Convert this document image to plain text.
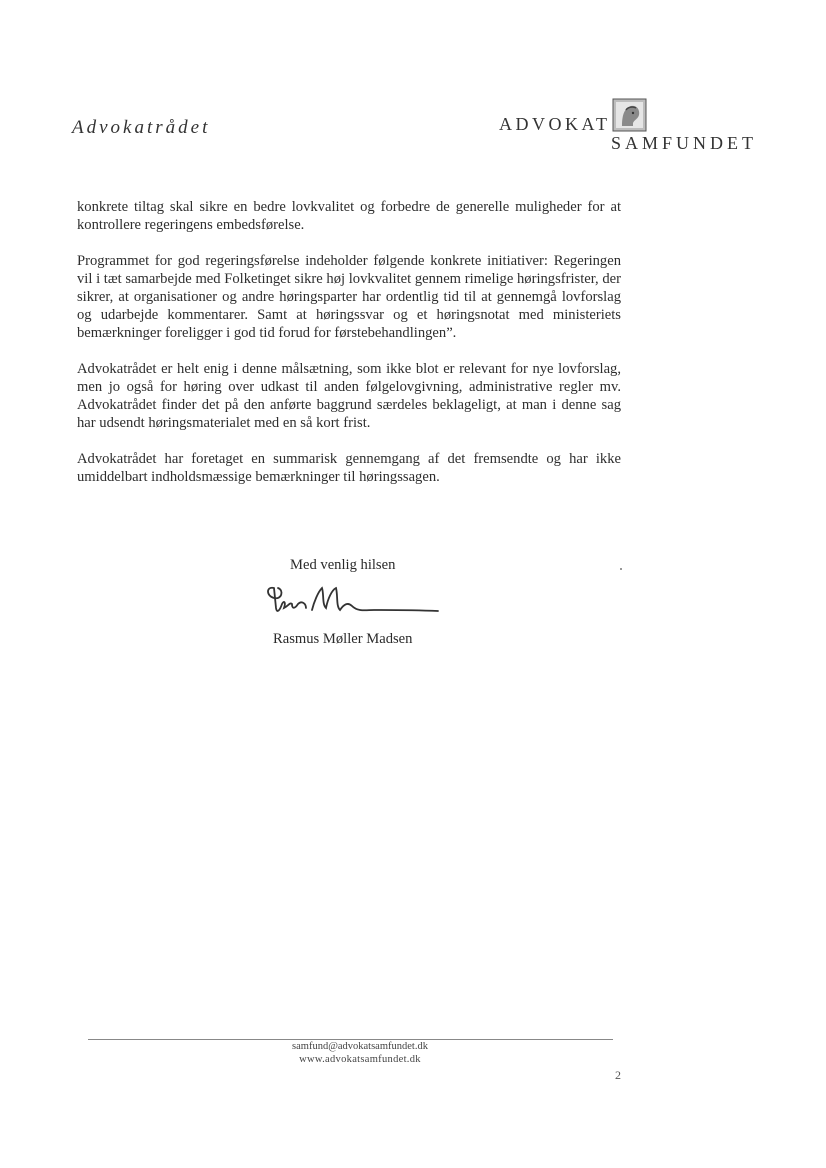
Advokatrådet	ADVOKAT
SAMFUNDET

konkrete tiltag skal sikre en bedre lovkvalitet og forbedre de generelle muligheder for at kontrollere regeringens embedsførelse.

Programmet for god regeringsførelse indeholder følgende konkrete initiativer: Regeringen vil i tæt samarbejde med Folketinget sikre høj lovkvalitet gennem rimelige høringsfrister, der sikrer, at organisationer og andre høringsparter har ordentlig tid til at gennemgå lovforslag og udarbejde kommentarer. Samt at høringssvar og et høringsnotat med ministeriets bemærkninger foreligger i god tid forud for førstebehandlingen”.

Advokatrådet er helt enig i denne målsætning, som ikke blot er relevant for nye lovforslag, men jo også for høring over udkast til anden følgelovgivning, administrative regler mv. Advokatrådet finder det på den anførte baggrund særdeles beklageligt, at man i denne sag har udsendt høringsmaterialet med en så kort frist.

Advokatrådet har foretaget en summarisk gennemgang af det fremsendte og har ikke umiddelbart indholdsmæssige bemærkninger til høringssagen.

Med venlig hilsen
Rasmus Møller Madsen
samfund@advokatsamfundet.dk
www.advokatsamfundet.dk
2
